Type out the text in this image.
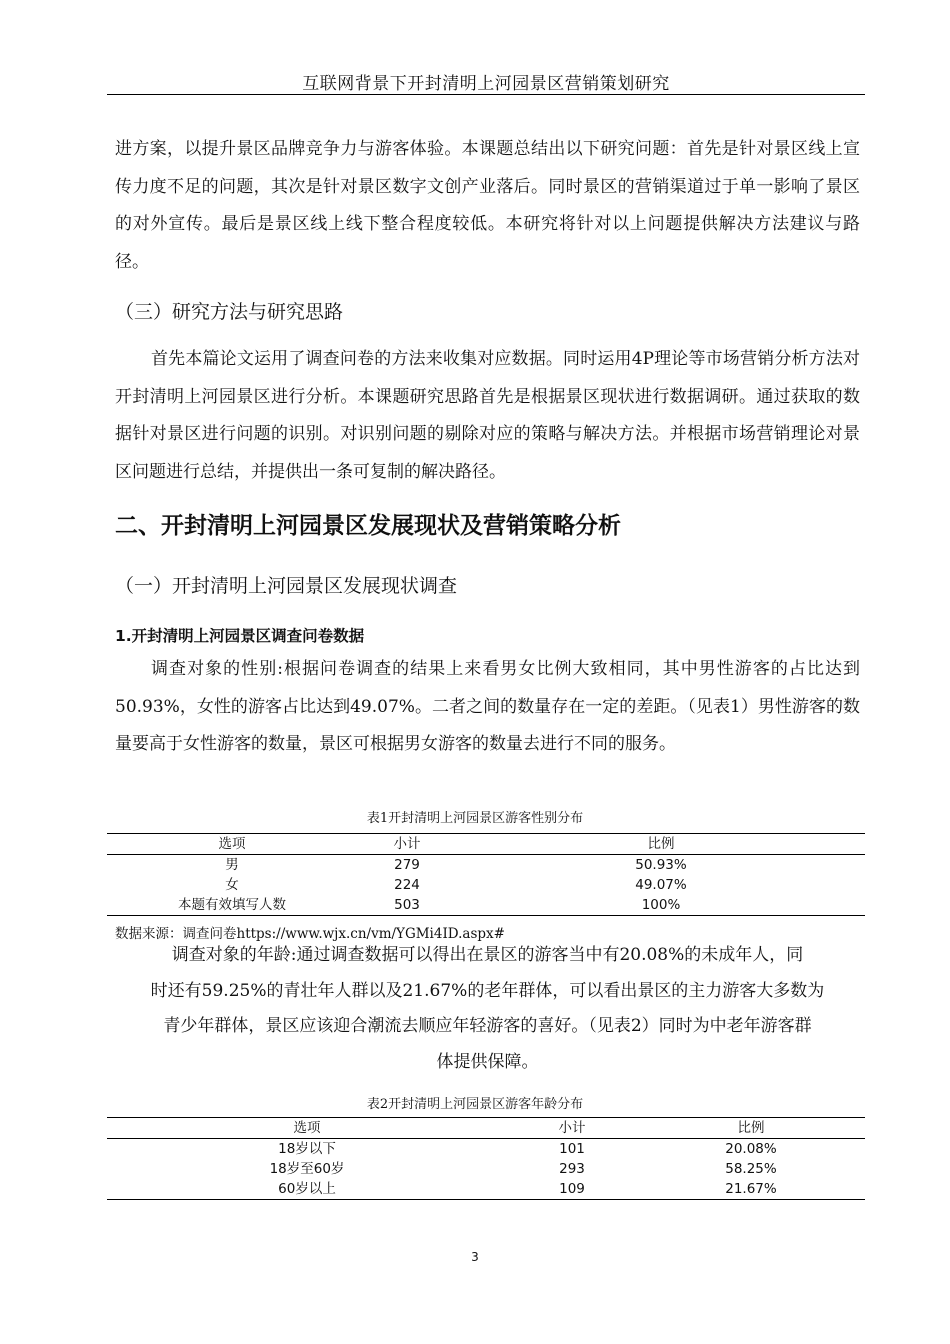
互联网背景下开封清明上河园景区营销策划研究

进方案，以提升景区品牌竞争力与游客体验。本课题总结出以下研究问题：首先是针对景区线上宣传力度不足的问题，其次是针对景区数字文创产业落后。同时景区的营销渠道过于单一影响了景区的对外宣传。最后是景区线上线下整合程度较低。本研究将针对以上问题提供解决方法建议与路径。

（三）研究方法与研究思路

首先本篇论文运用了调查问卷的方法来收集对应数据。同时运用4P理论等市场营销分析方法对开封清明上河园景区进行分析。本课题研究思路首先是根据景区现状进行数据调研。通过获取的数据针对景区进行问题的识别。对识别问题的剔除对应的策略与解决方法。并根据市场营销理论对景区问题进行总结，并提供出一条可复制的解决路径。

二、开封清明上河园景区发展现状及营销策略分析
（一）开封清明上河园景区发展现状调查
1.开封清明上河园景区调查问卷数据

调查对象的性别:根据问卷调查的结果上来看男女比例大致相同，其中男性游客的占比达到50.93%，女性的游客占比达到49.07%。二者之间的数量存在一定的差距。（见表1）男性游客的数量要高于女性游客的数量，景区可根据男女游客的数量去进行不同的服务。

表1开封清明上河园景区游客性别分布
选项	小计	比例
男	279	50.93%
女	224	49.07%
本题有效填写人数	503	100%
数据来源：调查问卷https://www.wjx.cn/vm/YGMi4ID.aspx#

调查对象的年龄:通过调查数据可以得出在景区的游客当中有20.08%的未成年人，同

时还有59.25%的青壮年人群以及21.67%的老年群体，可以看出景区的主力游客大多数为

青少年群体，景区应该迎合潮流去顺应年轻游客的喜好。（见表2）同时为中老年游客群

体提供保障。

表2开封清明上河园景区游客年龄分布
选项	小计	比例
18岁以下	101	20.08%
18岁至60岁	293	58.25%
60岁以上	109	21.67%
3
